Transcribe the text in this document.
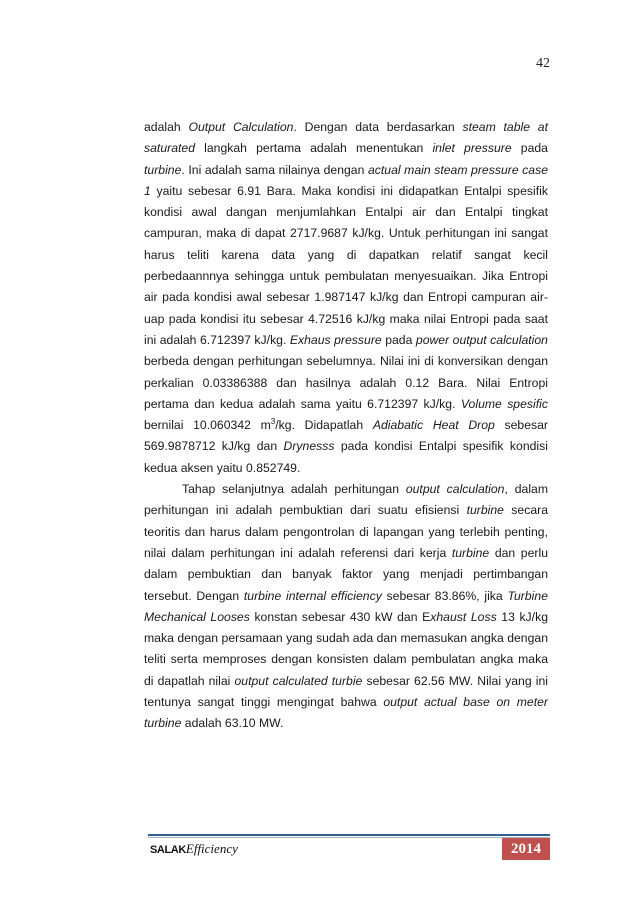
42

adalah Output Calculation. Dengan data berdasarkan steam table at saturated langkah pertama adalah menentukan inlet pressure pada turbine. Ini adalah sama nilainya dengan actual main steam pressure case 1 yaitu sebesar 6.91 Bara. Maka kondisi ini didapatkan Entalpi spesifik kondisi awal dangan menjumlahkan Entalpi air dan Entalpi tingkat campuran, maka di dapat 2717.9687 kJ/kg. Untuk perhitungan ini sangat harus teliti karena data yang di dapatkan relatif sangat kecil perbedaannnya sehingga untuk pembulatan menyesuaikan. Jika Entropi air pada kondisi awal sebesar 1.987147 kJ/kg dan Entropi campuran air-uap pada kondisi itu sebesar 4.72516 kJ/kg maka nilai Entropi pada saat ini adalah 6.712397 kJ/kg. Exhaus pressure pada power output calculation berbeda dengan perhitungan sebelumnya. Nilai ini di konversikan dengan perkalian 0.03386388 dan hasilnya adalah 0.12 Bara. Nilai Entropi pertama dan kedua adalah sama yaitu 6.712397 kJ/kg. Volume spesific bernilai 10.060342 $m^3/kg$. Didapatlah Adiabatic Heat Drop sebesar 569.9878712 kJ/kg dan Drynesss pada kondisi Entalpi spesifik kondisi kedua aksen yaitu 0.852749.

Tahap selanjutnya adalah perhitungan output calculation, dalam perhitungan ini adalah pembuktian dari suatu efisiensi turbine secara teoritis dan harus dalam pengontrolan di lapangan yang terlebih penting, nilai dalam perhitungan ini adalah referensi dari kerja turbine dan perlu dalam pembuktian dan banyak faktor yang menjadi pertimbangan tersebut. Dengan turbine internal efficiency sebesar 83.86%, jika Turbine Mechanical Looses konstan sebesar 430 kW dan Exhaust Loss 13 kJ/kg maka dengan persamaan yang sudah ada dan memasukan angka dengan teliti serta memproses dengan konsisten dalam pembulatan angka maka di dapatlah nilai output calculated turbie sebesar 62.56 MW. Nilai yang ini tentunya sangat tinggi mengingat bahwa output actual base on meter turbine adalah 63.10 MW.

SALAKEfficiency	2014
